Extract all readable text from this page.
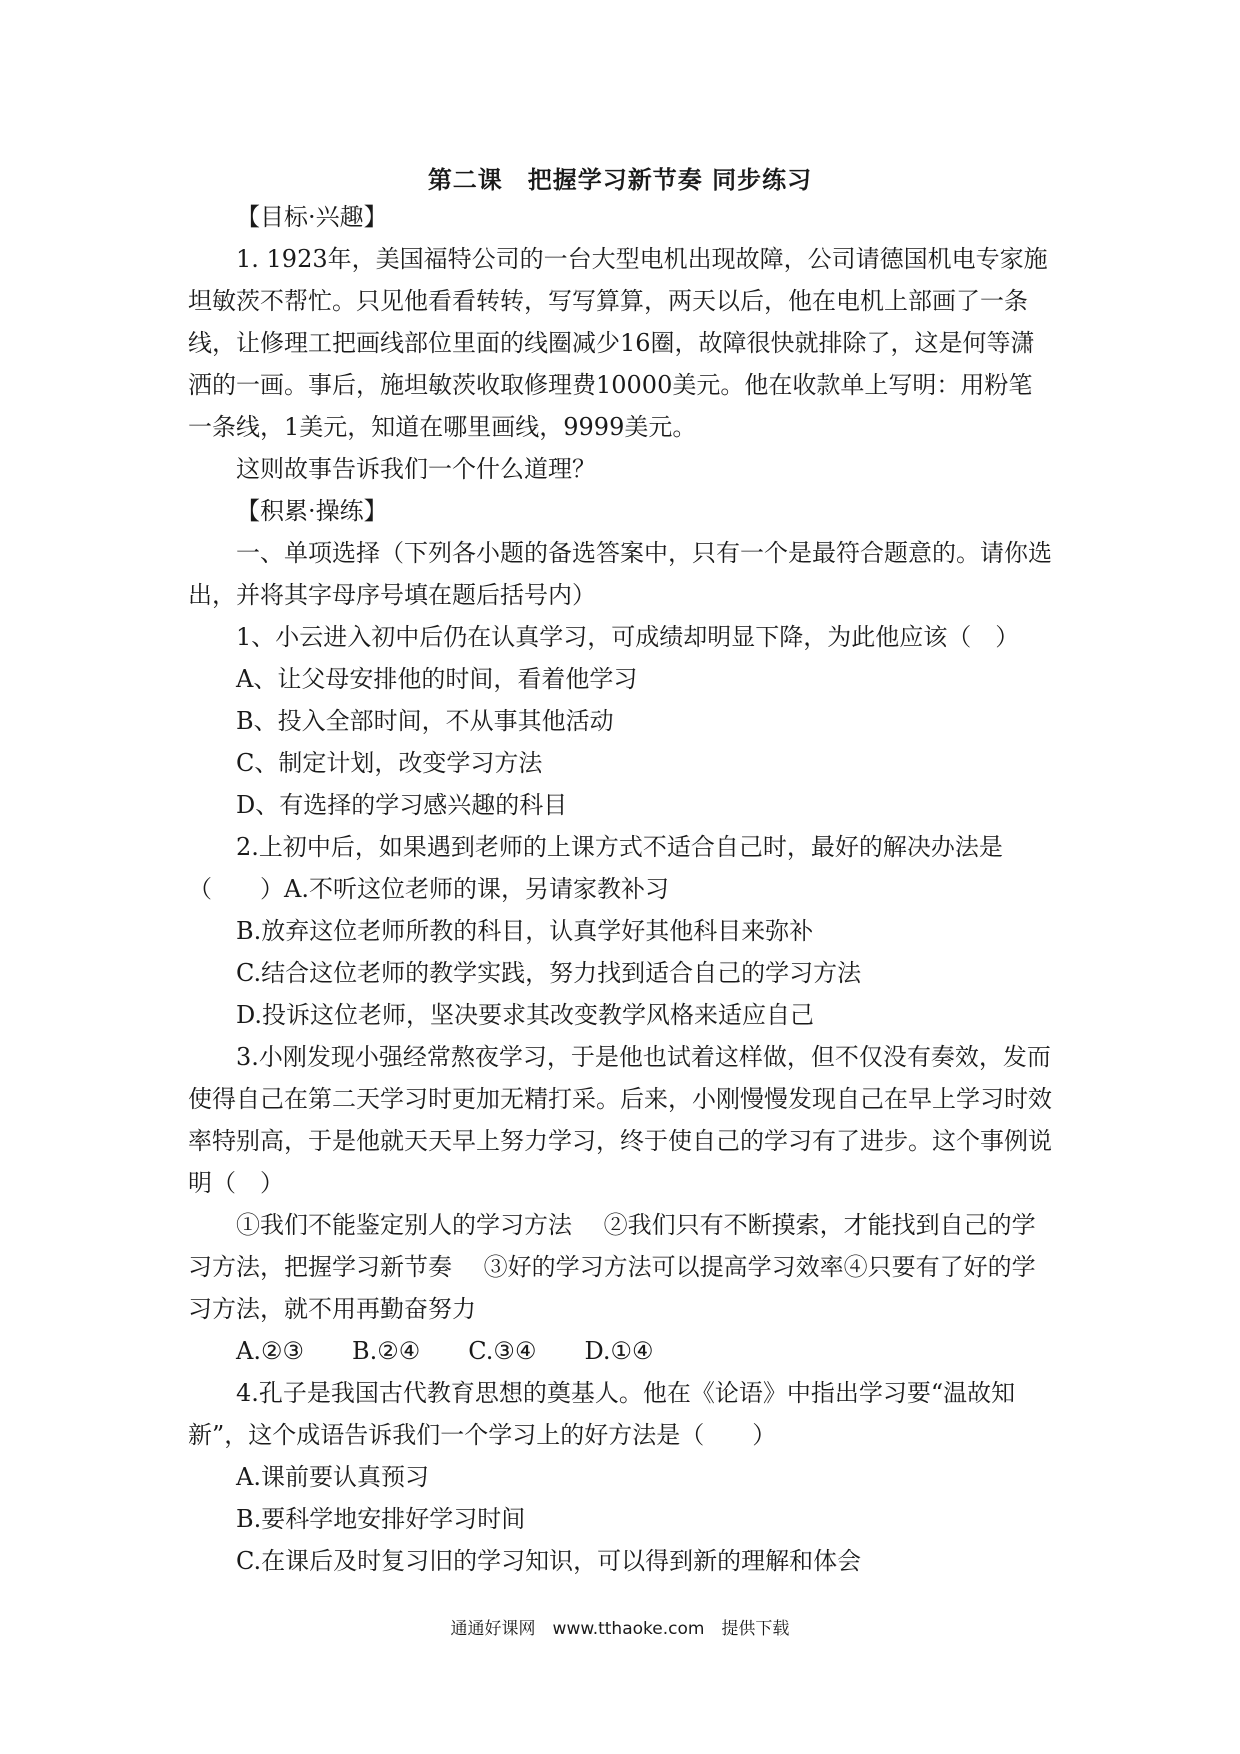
第二课　把握学习新节奏 同步练习

【目标·兴趣】

1. 1923年，美国福特公司的一台大型电机出现故障，公司请德国机电专家施坦敏茨不帮忙。只见他看看转转，写写算算，两天以后，他在电机上部画了一条线，让修理工把画线部位里面的线圈减少16圈，故障很快就排除了，这是何等潇洒的一画。事后，施坦敏茨收取修理费10000美元。他在收款单上写明：用粉笔一条线，1美元，知道在哪里画线，9999美元。

这则故事告诉我们一个什么道理？

【积累·操练】

一、单项选择（下列各小题的备选答案中，只有一个是最符合题意的。请你选出，并将其字母序号填在题后括号内）

1、小云进入初中后仍在认真学习，可成绩却明显下降，为此他应该（　）

A、让父母安排他的时间，看着他学习

B、投入全部时间，不从事其他活动

C、制定计划，改变学习方法

D、有选择的学习感兴趣的科目

2.上初中后，如果遇到老师的上课方式不适合自己时，最好的解决办法是（　　）A.不听这位老师的课，另请家教补习

B.放弃这位老师所教的科目，认真学好其他科目来弥补

C.结合这位老师的教学实践，努力找到适合自己的学习方法

D.投诉这位老师，坚决要求其改变教学风格来适应自己

3.小刚发现小强经常熬夜学习，于是他也试着这样做，但不仅没有奏效，发而使得自己在第二天学习时更加无精打采。后来，小刚慢慢发现自己在早上学习时效率特别高，于是他就天天早上努力学习，终于使自己的学习有了进步。这个事例说明（　）

①我们不能鉴定别人的学习方法　 ②我们只有不断摸索，才能找到自己的学习方法，把握学习新节奏　 ③好的学习方法可以提高学习效率④只要有了好的学习方法，就不用再勤奋努力

A.②③　　B.②④　　C.③④　　D.①④

4.孔子是我国古代教育思想的奠基人。他在《论语》中指出学习要“温故知新”，这个成语告诉我们一个学习上的好方法是（　　）

A.课前要认真预习

B.要科学地安排好学习时间

C.在课后及时复习旧的学习知识，可以得到新的理解和体会

通通好课网　www.tthaoke.com　提供下载
